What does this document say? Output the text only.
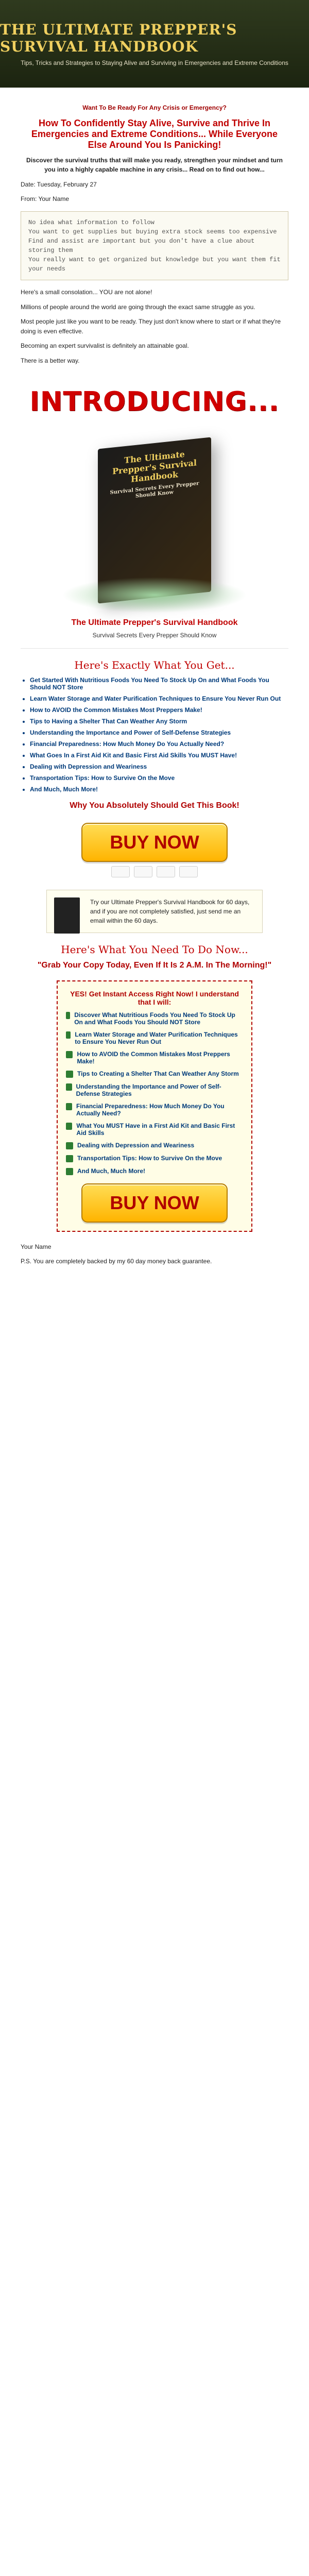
THE ULTIMATE PREPPER'S SURVIVAL HANDBOOK
Tips, Tricks and Strategies to Staying Alive and Surviving in Emergencies and Extreme Conditions
Want To Be Ready For Any Crisis or Emergency?
How To Confidently Stay Alive, Survive and Thrive In Emergencies and Extreme Conditions... While Everyone Else Around You Is Panicking!
Discover the survival truths that will make you ready, strengthen your mindset and turn you into a highly capable machine in any crisis... Read on to find out how...
Date: Tuesday, February 27
From: Your Name
No idea what information to follow
You want to get supplies but buying extra stock seems too expensive
Find and assist are important but you don't have a clue about storing them
You really want to get organized but knowledge but you want them fit your needs
Here's a small consolation... YOU are not alone!
Millions of people around the world are going through the exact same struggle as you.
Most people just like you want to be ready. They just don't know where to start or if what they're doing is even effective.
Becoming an expert survivalist is definitely an attainable goal.
There is a better way.
INTRODUCING...
The Ultimate Prepper's Survival Handbook
Survival Secrets Every Prepper Should Know
The Ultimate Prepper's Survival Handbook
Survival Secrets Every Prepper Should Know
Here's Exactly What You Get...
• Get Started With Nutritious Foods You Need To Stock Up On and What Foods You Should NOT Store
• Learn Water Storage and Water Purification Techniques to Ensure You Never Run Out
• How to AVOID the Common Mistakes Most Preppers Make!
• Tips to Having a Shelter That Can Weather Any Storm
• Understanding the Importance and Power of Self-Defense Strategies
• Financial Preparedness: How Much Money Do You Actually Need?
• What Goes In a First Aid Kit and Basic First Aid Skills You MUST Have!
• Dealing with Depression and Weariness
• Transportation Tips: How to Survive On the Move
• And Much, Much More!
Why You Absolutely Should Get This Book!
BUY NOW
Try our Ultimate Prepper's Survival Handbook for 60 days, and if you are not completely satisfied, just send me an email within the 60 days.
Here's What You Need To Do Now...
"Grab Your Copy Today, Even If It Is 2 A.M. In The Morning!"
YES! Get Instant Access Right Now! I understand that I will:
Discover What Nutritious Foods You Need To Stock Up On and What Foods You Should NOT Store
Learn Water Storage and Water Purification Techniques to Ensure You Never Run Out
How to AVOID the Common Mistakes Most Preppers Make!
Tips to Creating a Shelter That Can Weather Any Storm
Understanding the Importance and Power of Self-Defense Strategies
Financial Preparedness: How Much Money Do You Actually Need?
What You MUST Have in a First Aid Kit and Basic First Aid Skills
Dealing with Depression and Weariness
Transportation Tips: How to Survive On the Move
And Much, Much More!
BUY NOW
Your Name
P.S. You are completely backed by my 60 day money back guarantee.
